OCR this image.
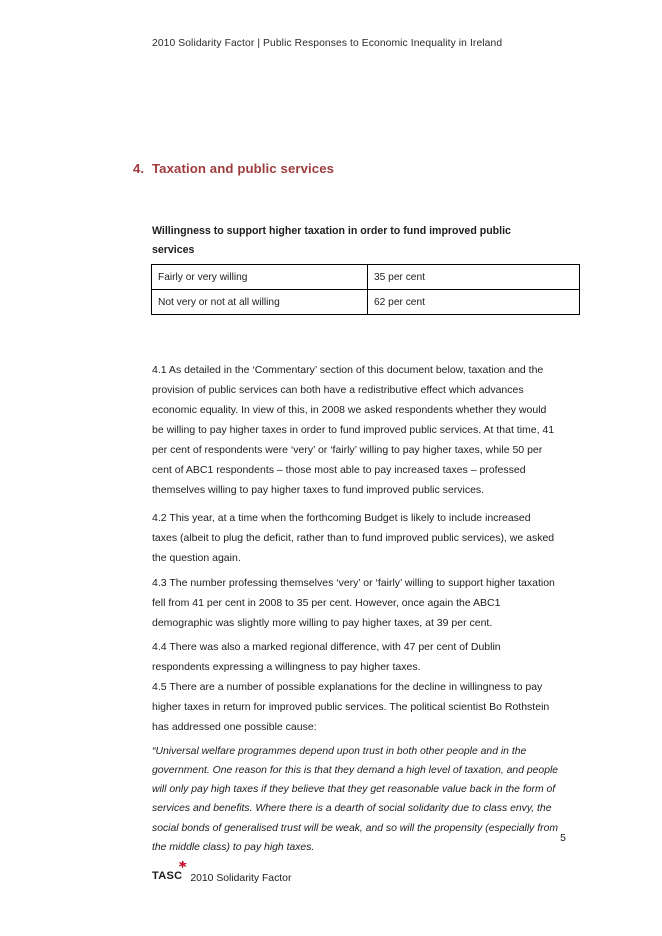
2010 Solidarity Factor | Public Responses to Economic Inequality in Ireland
4. Taxation and public services
Willingness to support higher taxation in order to fund improved public services
Fairly or very willing	35 per cent
Not very or not at all willing	62 per cent

4.1 As detailed in the ‘Commentary’ section of this document below, taxation and the provision of public services can both have a redistributive effect which advances economic equality. In view of this, in 2008 we asked respondents whether they would be willing to pay higher taxes in order to fund improved public services. At that time, 41 per cent of respondents were ‘very’ or ‘fairly’ willing to pay higher taxes, while 50 per cent of ABC1 respondents – those most able to pay increased taxes – professed themselves willing to pay higher taxes to fund improved public services.

4.2 This year, at a time when the forthcoming Budget is likely to include increased taxes (albeit to plug the deficit, rather than to fund improved public services), we asked the question again.

4.3 The number professing themselves ‘very’ or ‘fairly’ willing to support higher taxation fell from 41 per cent in 2008 to 35 per cent. However, once again the ABC1 demographic was slightly more willing to pay higher taxes, at 39 per cent.

4.4 There was also a marked regional difference, with 47 per cent of Dublin respondents expressing a willingness to pay higher taxes.

4.5 There are a number of possible explanations for the decline in willingness to pay higher taxes in return for improved public services. The political scientist Bo Rothstein has addressed one possible cause:

“Universal welfare programmes depend upon trust in both other people and in the government. One reason for this is that they demand a high level of taxation, and people will only pay high taxes if they believe that they get reasonable value back in the form of services and benefits. Where there is a dearth of social solidarity due to class envy, the social bonds of generalised trust will be weak, and so will the propensity (especially from the middle class) to pay high taxes.

5
TASC 2010 Solidarity Factor
